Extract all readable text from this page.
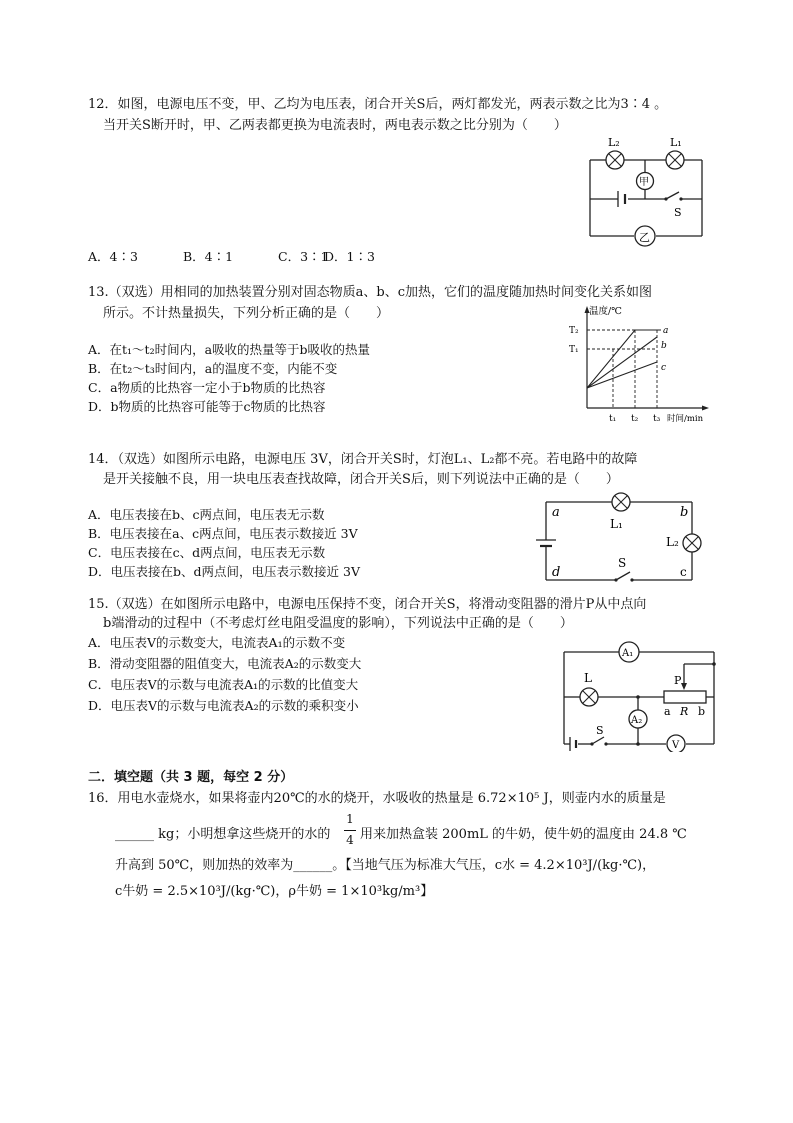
12．如图，电源电压不变，甲、乙均为电压表，闭合开关S后，两灯都发光，两表示数之比为3∶4 。
当开关S断开时，甲、乙两表都更换为电流表时，两电表示数之比分别为（　　）
L₂	L₁
甲
乙
S
A．4∶3	B．4∶1	C．3∶1
D．1∶3
13.（双选）用相同的加热装置分别对固态物质a、b、c加热，它们的温度随加热时间变化关系如图
所示。不计热量损失，下列分析正确的是（　　）
A．在t₁～t₂时间内，a吸收的热量等于b吸收的热量
B．在t₂～t₃时间内，a的温度不变，内能不变
C．a物质的比热容一定小于b物质的比热容
D．b物质的比热容可能等于c物质的比热容
温度/℃
T₂
T₁
t₁ t₂ t₃ 时间/min
a
b
c
14．（双选）如图所示电路，电源电压 3V，闭合开关S时，灯泡L₁、L₂都不亮。若电路中的故障
是开关接触不良，用一块电压表查找故障，闭合开关S后，则下列说法中正确的是（　　）
A．电压表接在b、c两点间，电压表无示数
B．电压表接在a、c两点间，电压表示数接近 3V
C．电压表接在c、d两点间，电压表无示数
D．电压表接在b、d两点间，电压表示数接近 3V
a	b
c
d
L₁
L₂
S
15.（双选）在如图所示电路中，电源电压保持不变，闭合开关S，将滑动变阻器的滑片P从中点向
b端滑动的过程中（不考虑灯丝电阻受温度的影响），下列说法中正确的是（　　）
A．电压表V的示数变大，电流表A₁的示数不变
B．滑动变阻器的阻值变大，电流表A₂的示数变大
C．电压表V的示数与电流表A₁的示数的比值变大
D．电压表V的示数与电流表A₂的示数的乘积变小
A₁
A₂
V
L	P
a R b
S
二．填空题（共 3 题，每空 2 分）
16．用电水壶烧水，如果将壶内20℃的水的烧开，水吸收的热量是 6.72×10⁵ J，则壶内水的质量是
______ kg；小明想拿这些烧开的水的
1
4 用来加热盒装 200mL 的牛奶，使牛奶的温度由 24.8 ℃
升高到 50℃，则加热的效率为______。【当地气压为标准大气压，c水 = 4.2×10³J/(kg·℃)，
c牛奶 = 2.5×10³J/(kg·℃)，ρ牛奶 = 1×10³kg/m³】
